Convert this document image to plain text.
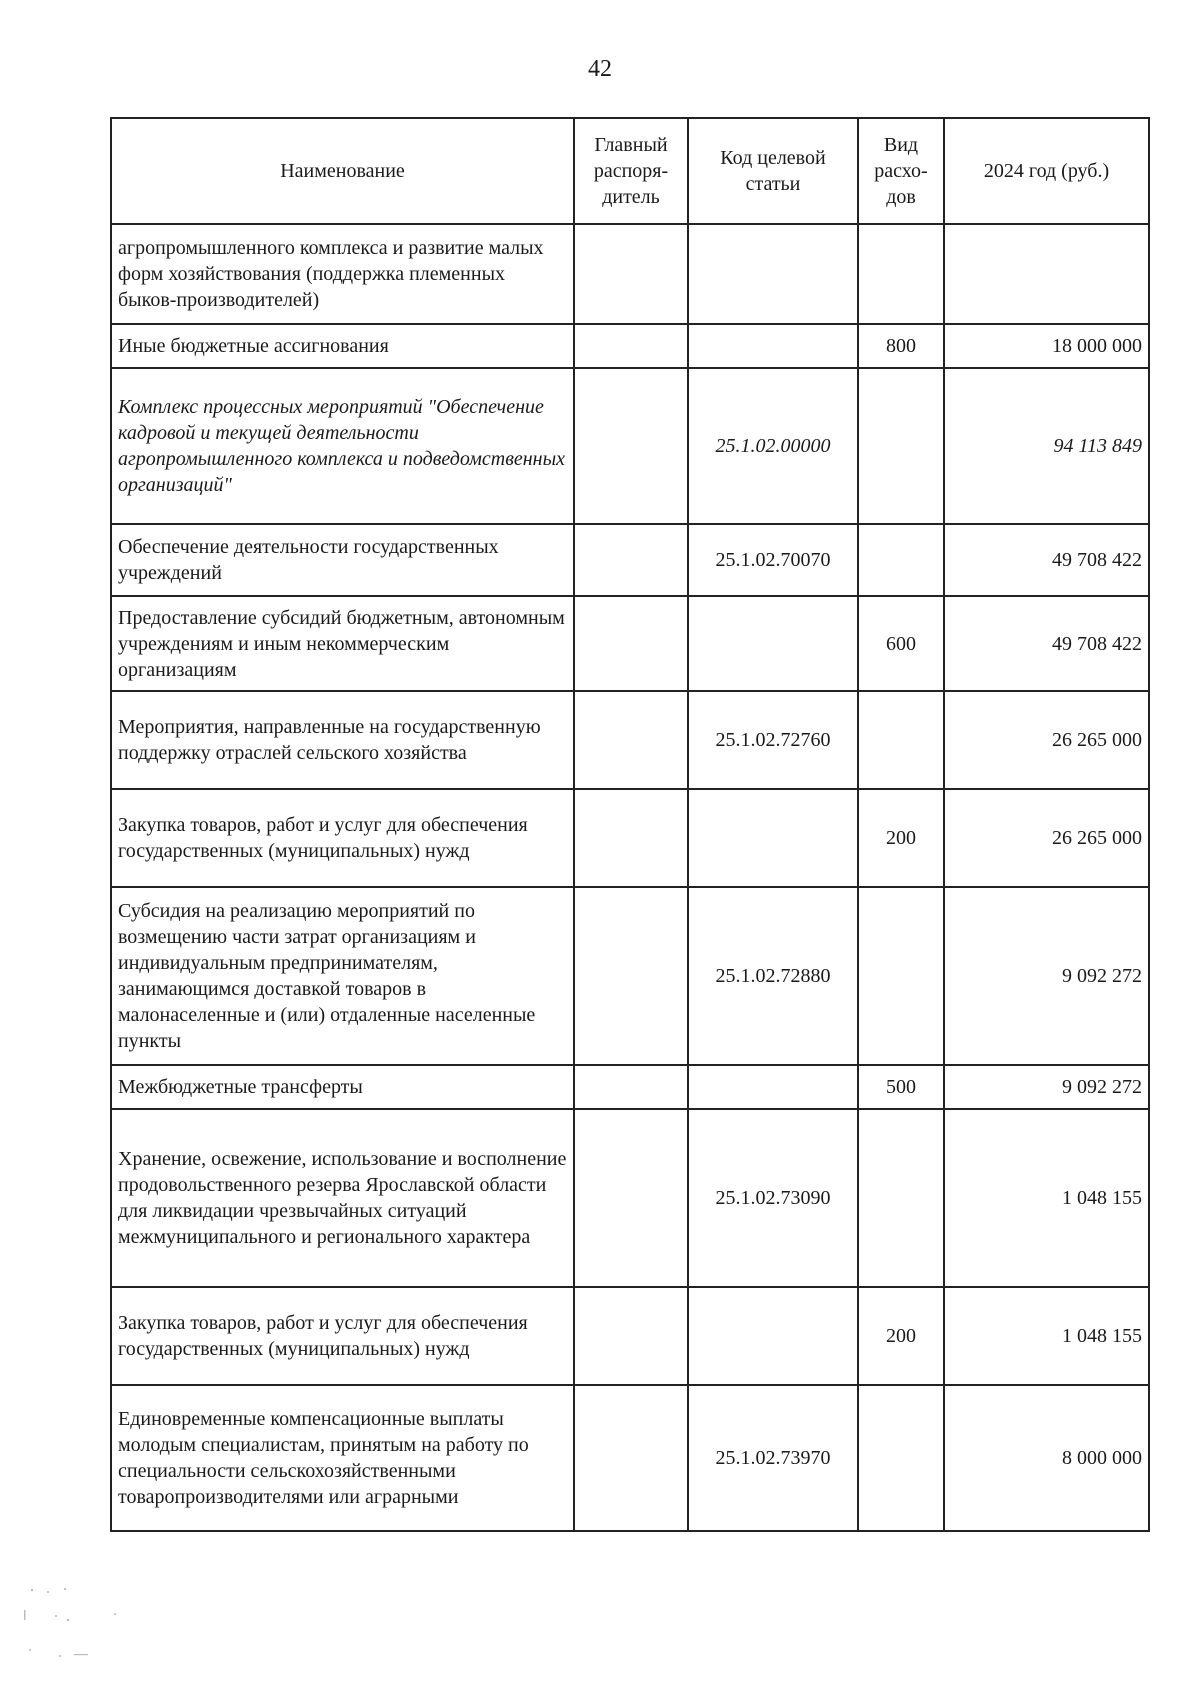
42
Наименование	Главный распоря-дитель	Код целевой статьи	Вид расхо-дов	2024 год (руб.)
агропромышленного комплекса и развитие малых форм хозяйствования (поддержка племенных быков-производителей)				
Иные бюджетные ассигнования			800	18 000 000
Комплекс процессных мероприятий "Обеспечение кадровой и текущей деятельности агропромышленного комплекса и подведомственных организаций"		25.1.02.00000		94 113 849
Обеспечение деятельности государственных учреждений		25.1.02.70070		49 708 422
Предоставление субсидий бюджетным, автономным учреждениям и иным некоммерческим организациям			600	49 708 422
Мероприятия, направленные на государственную поддержку отраслей сельского хозяйства		25.1.02.72760		26 265 000
Закупка товаров, работ и услуг для обеспечения государственных (муниципальных) нужд			200	26 265 000
Субсидия на реализацию мероприятий по возмещению части затрат организациям и индивидуальным предпринимателям, занимающимся доставкой товаров в малонаселенные и (или) отдаленные населенные пункты		25.1.02.72880		9 092 272
Межбюджетные трансферты			500	9 092 272
Хранение, освежение, использование и восполнение продовольственного резерва Ярославской области для ликвидации чрезвычайных ситуаций межмуниципального и регионального характера		25.1.02.73090		1 048 155
Закупка товаров, работ и услуг для обеспечения государственных (муниципальных) нужд			200	1 048 155
Единовременные компенсационные выплаты молодым специалистам, принятым на работу по специальности сельскохозяйственными товаропроизводителями или аграрными		25.1.02.73970		8 000 000
